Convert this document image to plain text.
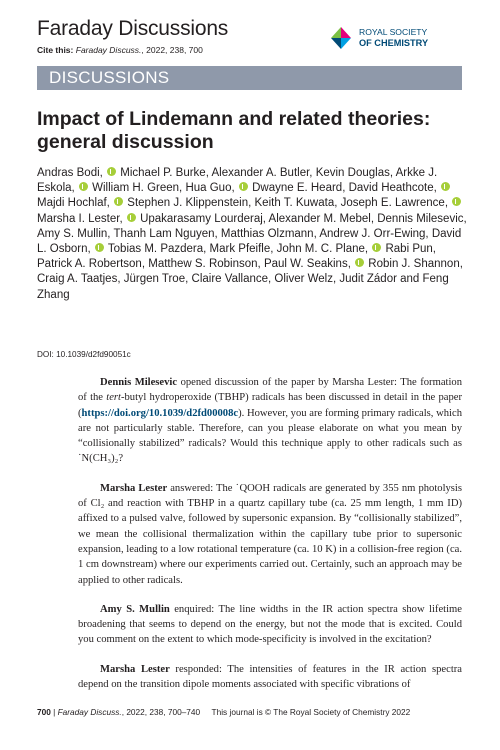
Faraday Discussions
Cite this: Faraday Discuss., 2022, 238, 700
ROYAL SOCIETY
OF CHEMISTRY
DISCUSSIONS
Impact of Lindemann and related theories: general discussion
Andras Bodi, Michael P. Burke, Alexander A. Butler, Kevin Douglas, Arkke J. Eskola, William H. Green, Hua Guo, Dwayne E. Heard, David Heathcote,  Majdi Hochlaf, Stephen J. Klippenstein, Keith T. Kuwata, Joseph E. Lawrence,  Marsha I. Lester, Upakarasamy Lourderaj, Alexander M. Mebel, Dennis Milesevic, Amy S. Mullin, Thanh Lam Nguyen, Matthias Olzmann, Andrew J. Orr-Ewing, David L. Osborn, Tobias M. Pazdera, Mark Pfeifle, John M. C. Plane, Rabi Pun, Patrick A. Robertson, Matthew S. Robinson, Paul W. Seakins, Robin J. Shannon, Craig A. Taatjes, Jürgen Troe, Claire Vallance, Oliver Welz, Judit Zádor and Feng Zhang
DOI: 10.1039/d2fd90051c

Dennis Milesevic opened discussion of the paper by Marsha Lester: The formation of the tert-butyl hydroperoxide (TBHP) radicals has been discussed in detail in the paper (https://doi.org/10.1039/d2fd00008c). However, you are forming primary radicals, which are not particularly stable. Therefore, can you please elaborate on what you mean by “collisionally stabilized” radicals? Would this technique apply to other radicals such as ˙N(CH₃)₂?

Marsha Lester answered: The ˙QOOH radicals are generated by 355 nm photolysis of Cl₂ and reaction with TBHP in a quartz capillary tube (ca. 25 mm length, 1 mm ID) affixed to a pulsed valve, followed by supersonic expansion. By “collisionally stabilized”, we mean the collisional thermalization within the capillary tube prior to supersonic expansion, leading to a low rotational temperature (ca. 10 K) in a collision-free region (ca. 1 cm downstream) where our experiments carried out. Certainly, such an approach may be applied to other radicals.

Amy S. Mullin enquired: The line widths in the IR action spectra show lifetime broadening that seems to depend on the energy, but not the mode that is excited. Could you comment on the extent to which mode-specificity is involved in the excitation?

Marsha Lester responded: The intensities of features in the IR action spectra depend on the transition dipole moments associated with specific vibrations of

700 | Faraday Discuss., 2022, 238, 700–740 This journal is © The Royal Society of Chemistry 2022
